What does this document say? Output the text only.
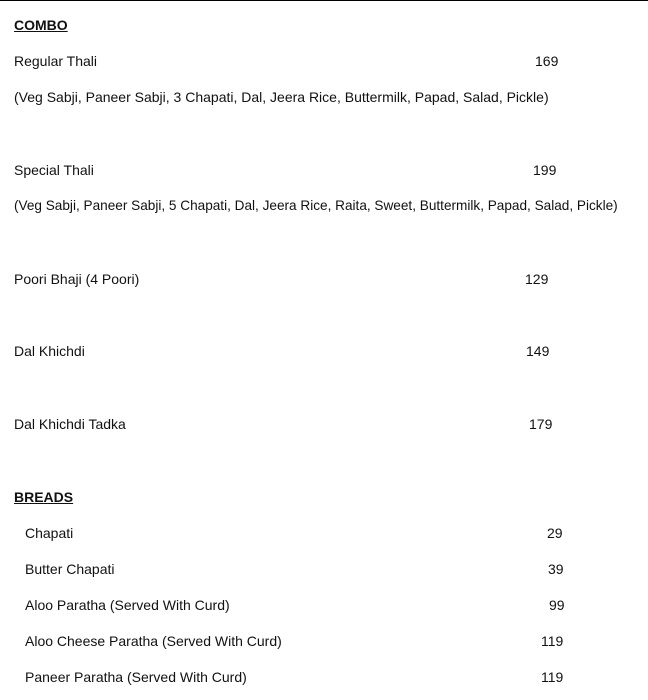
COMBO
Regular Thali	169
(Veg Sabji, Paneer Sabji, 3 Chapati, Dal, Jeera Rice, Buttermilk, Papad, Salad, Pickle)
Special Thali	199
(Veg Sabji, Paneer Sabji, 5 Chapati, Dal, Jeera Rice, Raita, Sweet, Buttermilk, Papad, Salad, Pickle)
Poori Bhaji (4 Poori)	129
Dal Khichdi	149
Dal Khichdi Tadka	179
BREADS
Chapati	29
Butter Chapati	39
Aloo Paratha (Served With Curd)	99
Aloo Cheese Paratha (Served With Curd)	119
Paneer Paratha (Served With Curd)	119
